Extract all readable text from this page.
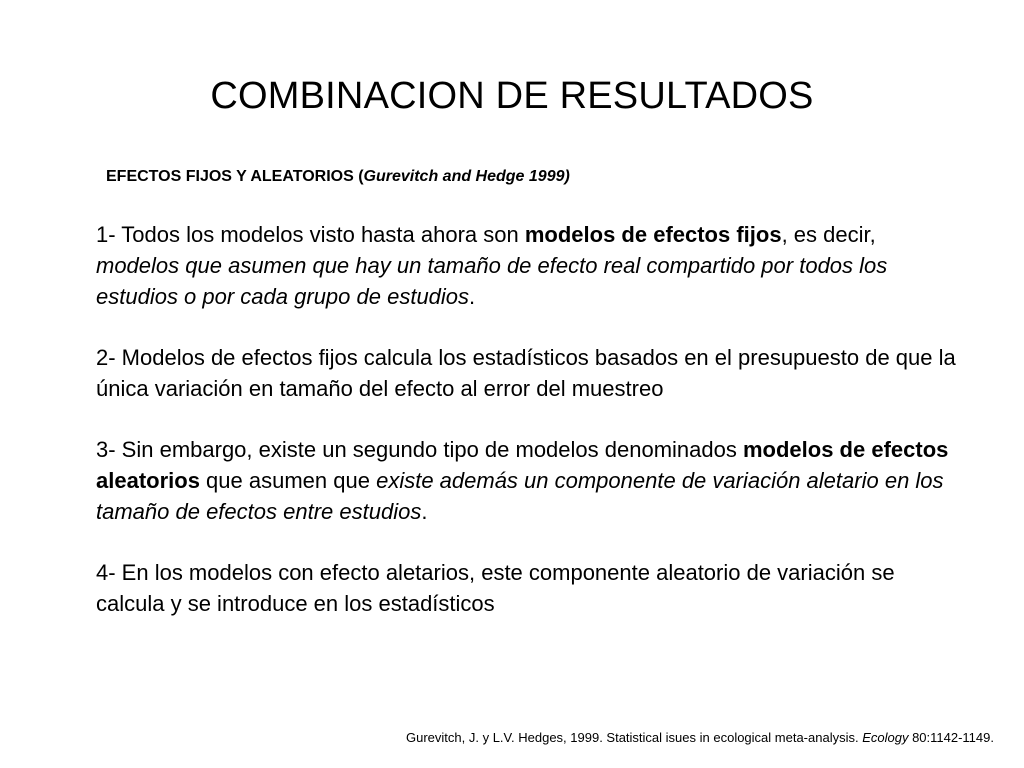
COMBINACION DE RESULTADOS
EFECTOS FIJOS Y ALEATORIOS (Gurevitch and Hedge 1999)

1- Todos los modelos visto hasta ahora son modelos de efectos fijos, es decir, modelos que asumen que hay un tamaño de efecto real compartido por todos los estudios o por cada grupo de estudios.

2- Modelos de efectos fijos calcula los estadísticos basados en el presupuesto de que la única variación en tamaño del efecto al error del muestreo

3- Sin embargo, existe un segundo tipo de modelos denominados modelos de efectos aleatorios que asumen que existe además un componente de variación aletario en los tamaño de efectos entre estudios.

4- En los modelos con efecto aletarios, este componente aleatorio de variación se calcula y se introduce en los estadísticos

Gurevitch, J. y L.V. Hedges, 1999. Statistical isues in ecological meta-analysis. Ecology 80:1142-1149.
